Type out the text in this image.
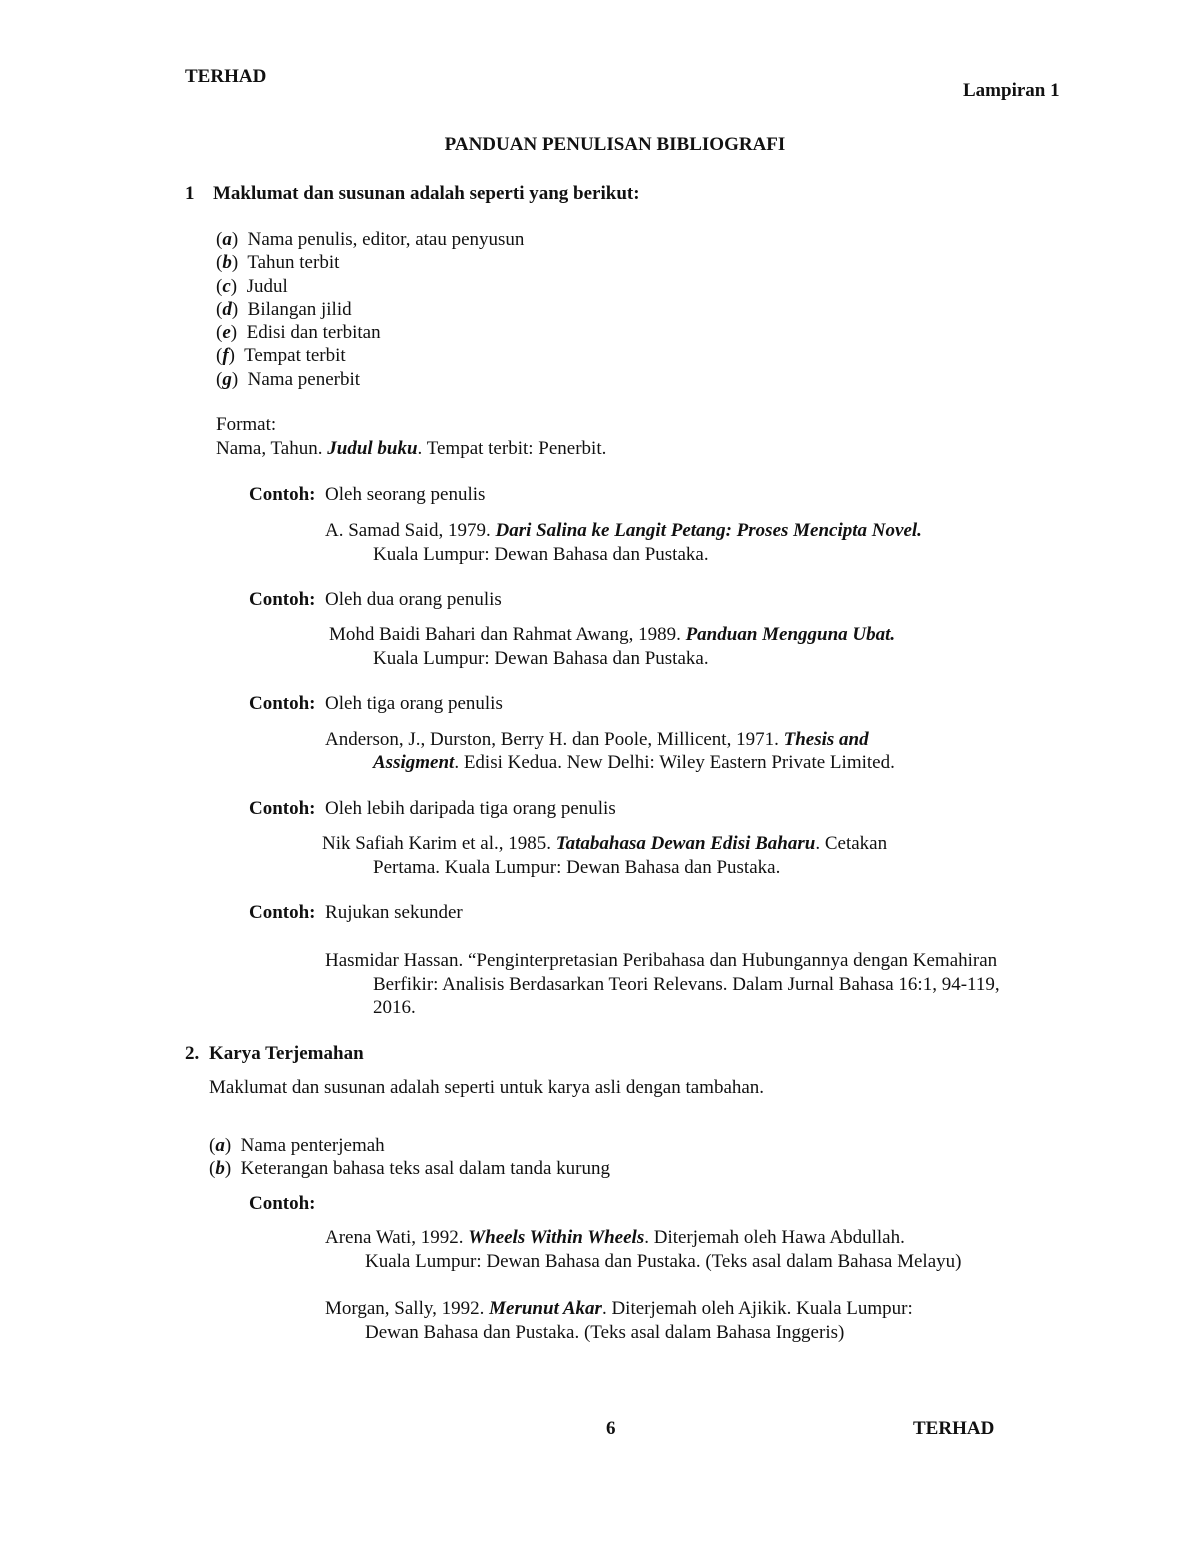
TERHAD
Lampiran 1
PANDUAN PENULISAN BIBLIOGRAFI
1 Maklumat dan susunan adalah seperti yang berikut:
(a)  Nama penulis, editor, atau penyusun
(b)  Tahun terbit
(c)  Judul
(d)  Bilangan jilid
(e)  Edisi dan terbitan
(f)  Tempat terbit
(g)  Nama penerbit
Format:
Nama, Tahun. Judul buku. Tempat terbit: Penerbit.
Contoh: Oleh seorang penulis
A. Samad Said, 1979. Dari Salina ke Langit Petang: Proses Mencipta Novel.
Kuala Lumpur: Dewan Bahasa dan Pustaka.
Contoh: Oleh dua orang penulis
Mohd Baidi Bahari dan Rahmat Awang, 1989. Panduan Mengguna Ubat.
Kuala Lumpur: Dewan Bahasa dan Pustaka.
Contoh: Oleh tiga orang penulis
Anderson, J., Durston, Berry H. dan Poole, Millicent, 1971. Thesis and
Assigment. Edisi Kedua. New Delhi: Wiley Eastern Private Limited.
Contoh: Oleh lebih daripada tiga orang penulis
Nik Safiah Karim et al., 1985. Tatabahasa Dewan Edisi Baharu. Cetakan
Pertama. Kuala Lumpur: Dewan Bahasa dan Pustaka.
Contoh: Rujukan sekunder
Hasmidar Hassan. “Penginterpretasian Peribahasa dan Hubungannya dengan Kemahiran
Berfikir: Analisis Berdasarkan Teori Relevans. Dalam Jurnal Bahasa 16:1, 94-119,
2016.
2. Karya Terjemahan
Maklumat dan susunan adalah seperti untuk karya asli dengan tambahan.
(a)  Nama penterjemah
(b)  Keterangan bahasa teks asal dalam tanda kurung
Contoh:
Arena Wati, 1992. Wheels Within Wheels. Diterjemah oleh Hawa Abdullah.
Kuala Lumpur: Dewan Bahasa dan Pustaka. (Teks asal dalam Bahasa Melayu)
Morgan, Sally, 1992. Merunut Akar. Diterjemah oleh Ajikik. Kuala Lumpur:
Dewan Bahasa dan Pustaka. (Teks asal dalam Bahasa Inggeris)
6	TERHAD
